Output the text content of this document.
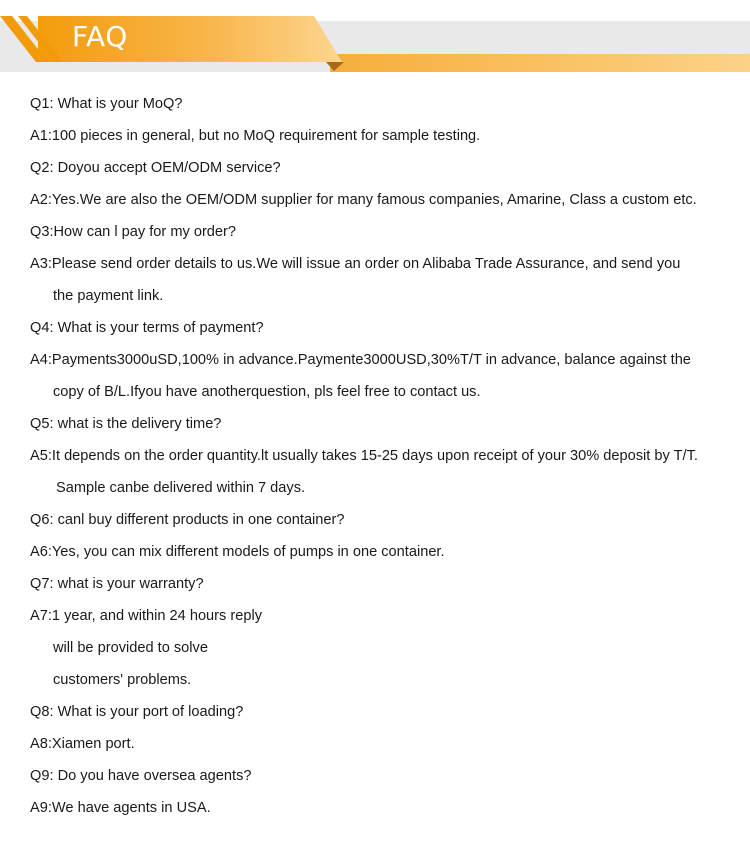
FAQ
Q1: What is your MoQ?
A1:100 pieces in general, but no MoQ requirement for sample testing.
Q2: Doyou accept OEM/ODM service?
A2:Yes.We are also the OEM/ODM supplier for many famous companies, Amarine, Class a custom etc.
Q3:How can l pay for my order?
A3:Please send order details to us.We will issue an order on Alibaba Trade Assurance, and send you
the payment link.
Q4: What is your terms of payment?
A4:Payments3000uSD,100% in advance.Paymente3000USD,30%T/T in advance, balance against the
copy of B/L.Ifyou have anotherquestion, pls feel free to contact us.
Q5: what is the delivery time?
A5:It depends on the order quantity.lt usually takes 15-25 days upon receipt of your 30% deposit by T/T.
Sample canbe delivered within 7 days.
Q6: canl buy different products in one container?
A6:Yes, you can mix different models of pumps in one container.
Q7: what is your warranty?
A7:1 year, and within 24 hours reply
will be provided to solve
customers' problems.
Q8: What is your port of loading?
A8:Xiamen port.
Q9: Do you have oversea agents?
A9:We have agents in USA.
